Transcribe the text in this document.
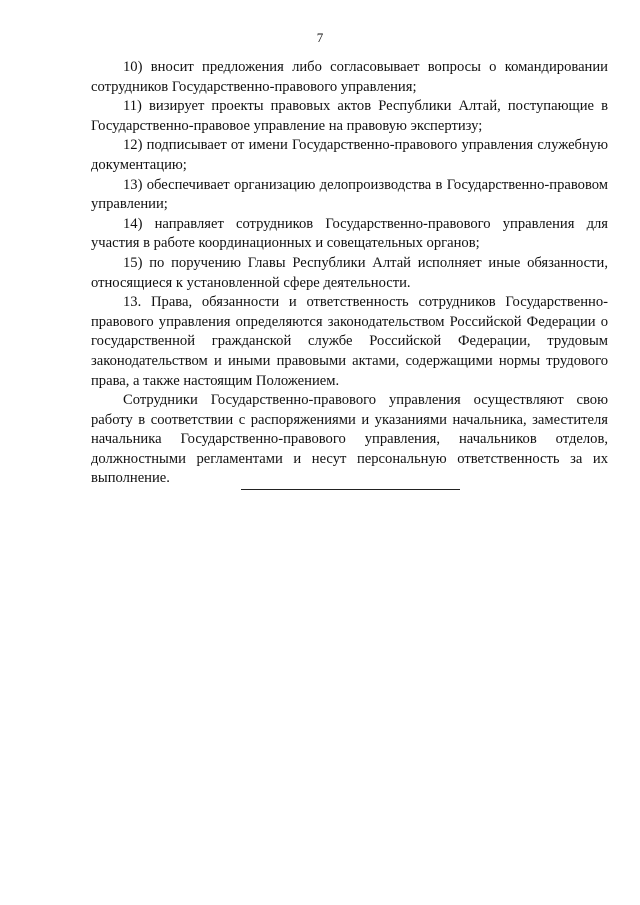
7

10) вносит предложения либо согласовывает вопросы о командировании сотрудников Государственно-правового управления;

11) визирует проекты правовых актов Республики Алтай, поступающие в Государственно-правовое управление на правовую экспертизу;

12) подписывает от имени Государственно-правового управления служебную документацию;

13) обеспечивает организацию делопроизводства в Государственно-правовом управлении;

14) направляет сотрудников Государственно-правового управления для участия в работе координационных и совещательных органов;

15) по поручению Главы Республики Алтай исполняет иные обязанности, относящиеся к установленной сфере деятельности.

13. Права, обязанности и ответственность сотрудников Государственно-правового управления определяются законодательством Российской Федерации о государственной гражданской службе Российской Федерации, трудовым законодательством и иными правовыми актами, содержащими нормы трудового права, а также настоящим Положением.

Сотрудники Государственно-правового управления осуществляют свою работу в соответствии с распоряжениями и указаниями начальника, заместителя начальника Государственно-правового управления, начальников отделов, должностными регламентами и несут персональную ответственность за их выполнение.
